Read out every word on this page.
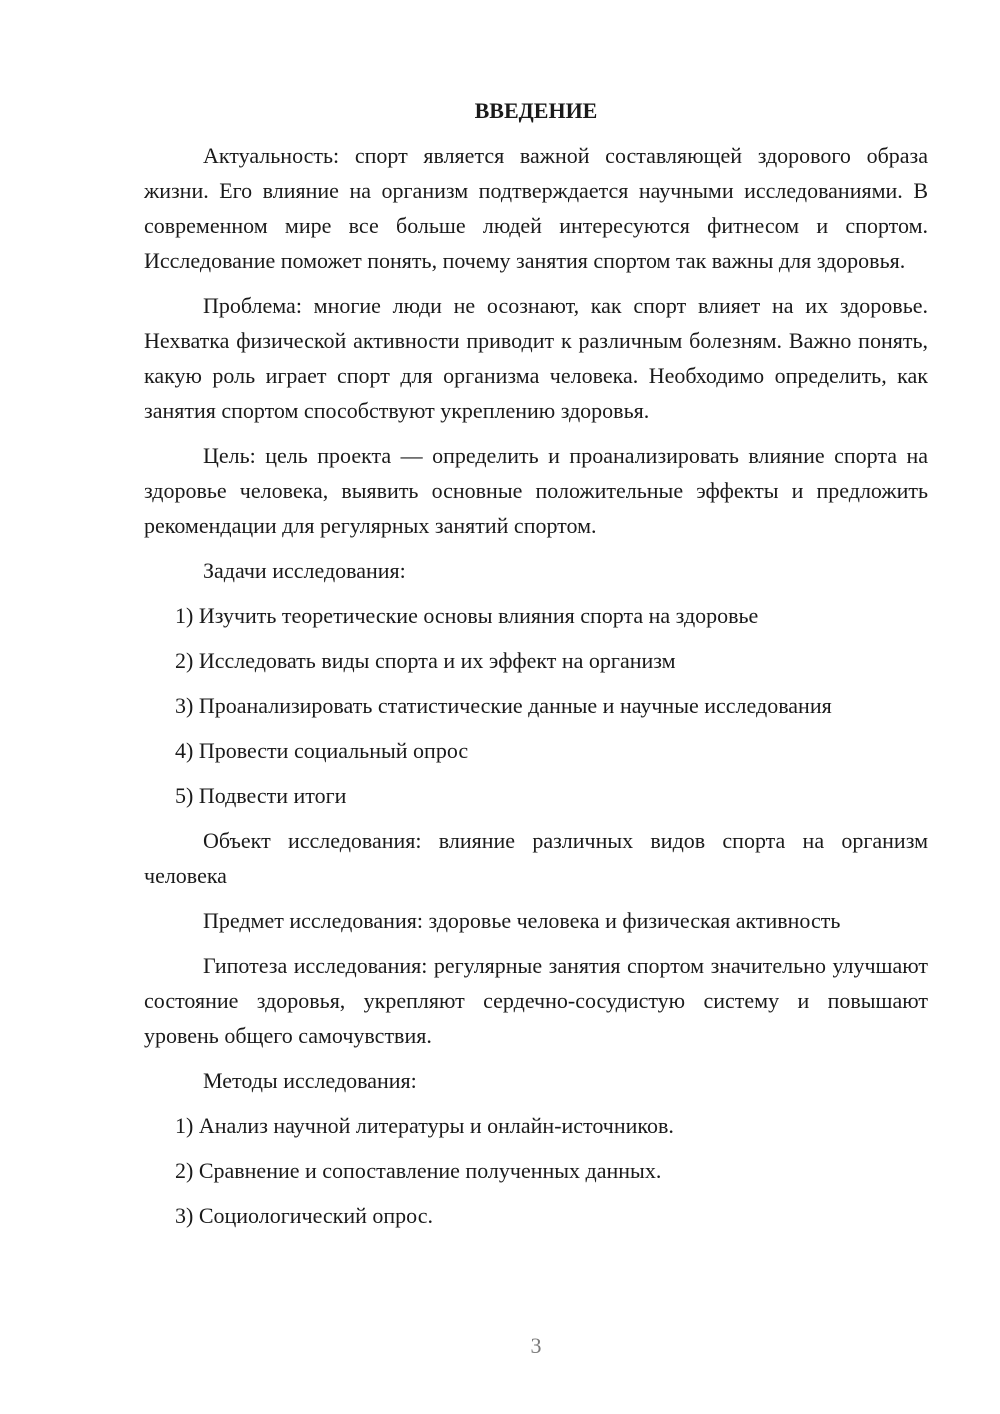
ВВЕДЕНИЕ

Актуальность: спорт является важной составляющей здорового образа жизни. Его влияние на организм подтверждается научными исследованиями. В современном мире все больше людей интересуются фитнесом и спортом. Исследование поможет понять, почему занятия спортом так важны для здоровья.

Проблема: многие люди не осознают, как спорт влияет на их здоровье. Нехватка физической активности приводит к различным болезням. Важно понять, какую роль играет спорт для организма человека. Необходимо определить, как занятия спортом способствуют укреплению здоровья.

Цель: цель проекта — определить и проанализировать влияние спорта на здоровье человека, выявить основные положительные эффекты и предложить рекомендации для регулярных занятий спортом.

Задачи исследования:

1) Изучить теоретические основы влияния спорта на здоровье
2) Исследовать виды спорта и их эффект на организм
3) Проанализировать статистические данные и научные исследования
4) Провести социальный опрос
5) Подвести итоги

Объект исследования: влияние различных видов спорта на организм человека

Предмет исследования: здоровье человека и физическая активность

Гипотеза исследования: регулярные занятия спортом значительно улучшают состояние здоровья, укрепляют сердечно-сосудистую систему и повышают уровень общего самочувствия.

Методы исследования:

1) Анализ научной литературы и онлайн-источников.
2) Сравнение и сопоставление полученных данных.
3) Социологический опрос.
3
